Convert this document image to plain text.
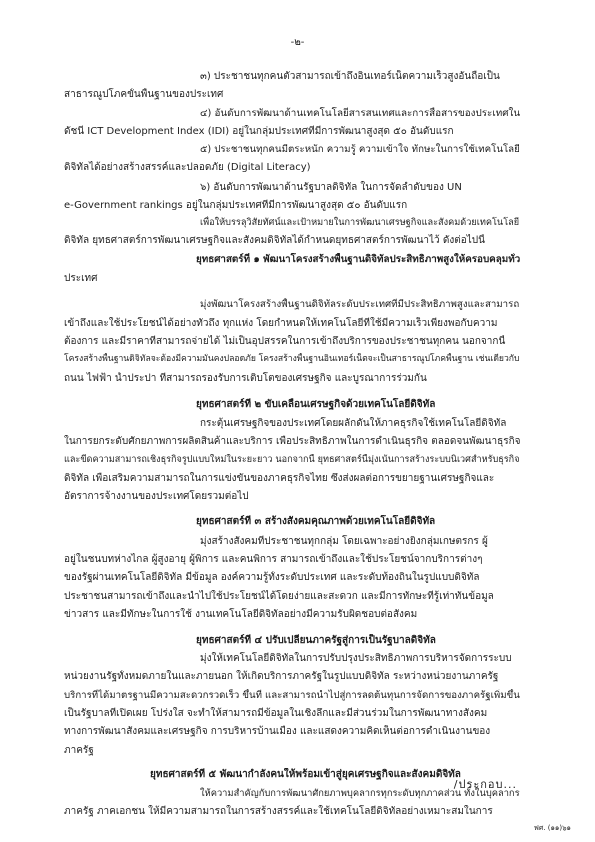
-๒-
๓) ประชาชนทุกคนตัวสามารถเข้าถึงอินเทอร์เน็ตความเร็วสูงอันถือเป็น
สาธารณูปโภคขั้นพื้นฐานของประเทศ
๔) อันดับการพัฒนาด้านเทคโนโลยีสารสนเทศและการสื่อสารของประเทศใน
ดัชนี ICT Development Index (IDI) อยู่ในกลุ่มประเทศที่มีการพัฒนาสูงสุด ๕๐ อันดับแรก
๕) ประชาชนทุกคนมีตระหนัก ความรู้ ความเข้าใจ ทักษะในการใช้เทคโนโลยี
ดิจิทัลได้อย่างสร้างสรรค์และปลอดภัย (Digital Literacy)
๖) อันดับการพัฒนาด้านรัฐบาลดิจิทัล ในการจัดลำดับของ UN
e-Government rankings อยู่ในกลุ่มประเทศที่มีการพัฒนาสูงสุด ๕๐ อันดับแรก
เพื่อให้บรรลุวิสัยทัศน์และเป้าหมายในการพัฒนาเศรษฐกิจและสังคมด้วยเทคโนโลยี
ดิจิทัล ยุทธศาสตร์การพัฒนาเศรษฐกิจและสังคมดิจิทัลได้กำหนดยุทธศาสตร์การพัฒนาไว้ ดังต่อไปนี้
ยุทธศาสตร์ที่ ๑ พัฒนาโครงสร้างพื้นฐานดิจิทัลประสิทธิภาพสูงให้ครอบคลุมทั่ว
ประเทศ
มุ่งพัฒนาโครงสร้างพื้นฐานดิจิทัลระดับประเทศที่มีประสิทธิภาพสูงและสามารถ
เข้าถึงและใช้ประโยชน์ได้อย่างทั่วถึง ทุกแห่ง โดยกำหนดให้เทคโนโลยีที่ใช้มีความเร็วเพียงพอกับความ
ต้องการ และมีราคาที่สามารถจ่ายได้ ไม่เป็นอุปสรรคในการเข้าถึงบริการของประชาชนทุกคน นอกจากนี้
โครงสร้างพื้นฐานดิจิทัลจะต้องมีความมั่นคงปลอดภัย โครงสร้างพื้นฐานอินเทอร์เน็ตจะเป็นสาธารณูปโภคพื้นฐาน เช่นเดียวกับ
ถนน ไฟฟ้า น้ำประปา ที่สามารถรองรับการเติบโตของเศรษฐกิจ และบูรณาการร่วมกัน
ยุทธศาสตร์ที่ ๒ ขับเคลื่อนเศรษฐกิจด้วยเทคโนโลยีดิจิทัล
กระตุ้นเศรษฐกิจของประเทศโดยผลักดันให้ภาคธุรกิจใช้เทคโนโลยีดิจิทัล
ในการยกระดับศักยภาพการผลิตสินค้าและบริการ เพื่อประสิทธิภาพในการดำเนินธุรกิจ ตลอดจนพัฒนาธุรกิจ
และขีดความสามารถเชิงธุรกิจรูปแบบใหม่ในระยะยาว นอกจากนี้ ยุทธศาสตร์นี้มุ่งเน้นการสร้างระบบนิเวศสำหรับธุรกิจ
ดิจิทัล เพื่อเสริมความสามารถในการแข่งขันของภาคธุรกิจไทย ซึ่งส่งผลต่อการขยายฐานเศรษฐกิจและ
อัตราการจ้างงานของประเทศโดยรวมต่อไป
ยุทธศาสตร์ที่ ๓ สร้างสังคมคุณภาพด้วยเทคโนโลยีดิจิทัล
มุ่งสร้างสังคมที่ประชาชนทุกกลุ่ม โดยเฉพาะอย่างยิ่งกลุ่มเกษตรกร ผู้
อยู่ในชนบทห่างไกล ผู้สูงอายุ ผู้พิการ และคนพิการ สามารถเข้าถึงและใช้ประโยชน์จากบริการต่างๆ
ของรัฐผ่านเทคโนโลยีดิจิทัล มีข้อมูล องค์ความรู้ทั้งระดับประเทศ และระดับท้องถิ่นในรูปแบบดิจิทัล
ประชาชนสามารถเข้าถึงและนำไปใช้ประโยชน์ได้โดยง่ายและสะดวก และมีการทักษะที่รู้เท่าทันข้อมูล
ข่าวสาร และมีทักษะในการใช้ งานเทคโนโลยีดิจิทัลอย่างมีความรับผิดชอบต่อสังคม
ยุทธศาสตร์ที่ ๔ ปรับเปลี่ยนภาครัฐสู่การเป็นรัฐบาลดิจิทัล
มุ่งให้เทคโนโลยีดิจิทัลในการปรับปรุงประสิทธิภาพการบริหารจัดการระบบ
หน่วยงานรัฐทั้งหมดภายในและภายนอก ให้เกิดบริการภาครัฐในรูปแบบดิจิทัล ระหว่างหน่วยงานภาครัฐ
บริการที่ได้มาตรฐานมีความสะดวกรวดเร็ว ขึ้นที่ และสามารถนำไปสู่การลดต้นทุนการจัดการของภาครัฐเพิ่มขึ้น
เป็นรัฐบาลที่เปิดเผย โปร่งใส จะทำให้สามารถมีข้อมูลในเชิงลึกและมีส่วนร่วมในการพัฒนาทางสังคม
ทางการพัฒนาสังคมและเศรษฐกิจ การบริหารบ้านเมือง และแสดงความคิดเห็นต่อการดำเนินงานของ
ภาครัฐ
ยุทธศาสตร์ที่ ๕ พัฒนากำลังคนให้พร้อมเข้าสู่ยุคเศรษฐกิจและสังคมดิจิทัล
ให้ความสำคัญกับการพัฒนาศักยภาพบุคลากรทุกระดับทุกภาคส่วน ทั้งในบุคลากร
ภาครัฐ ภาคเอกชน ให้มีความสามารถในการสร้างสรรค์และใช้เทคโนโลยีดิจิทัลอย่างเหมาะสมในการ
/ประกอบ...
ฟศ. (๑๑)๖๑
